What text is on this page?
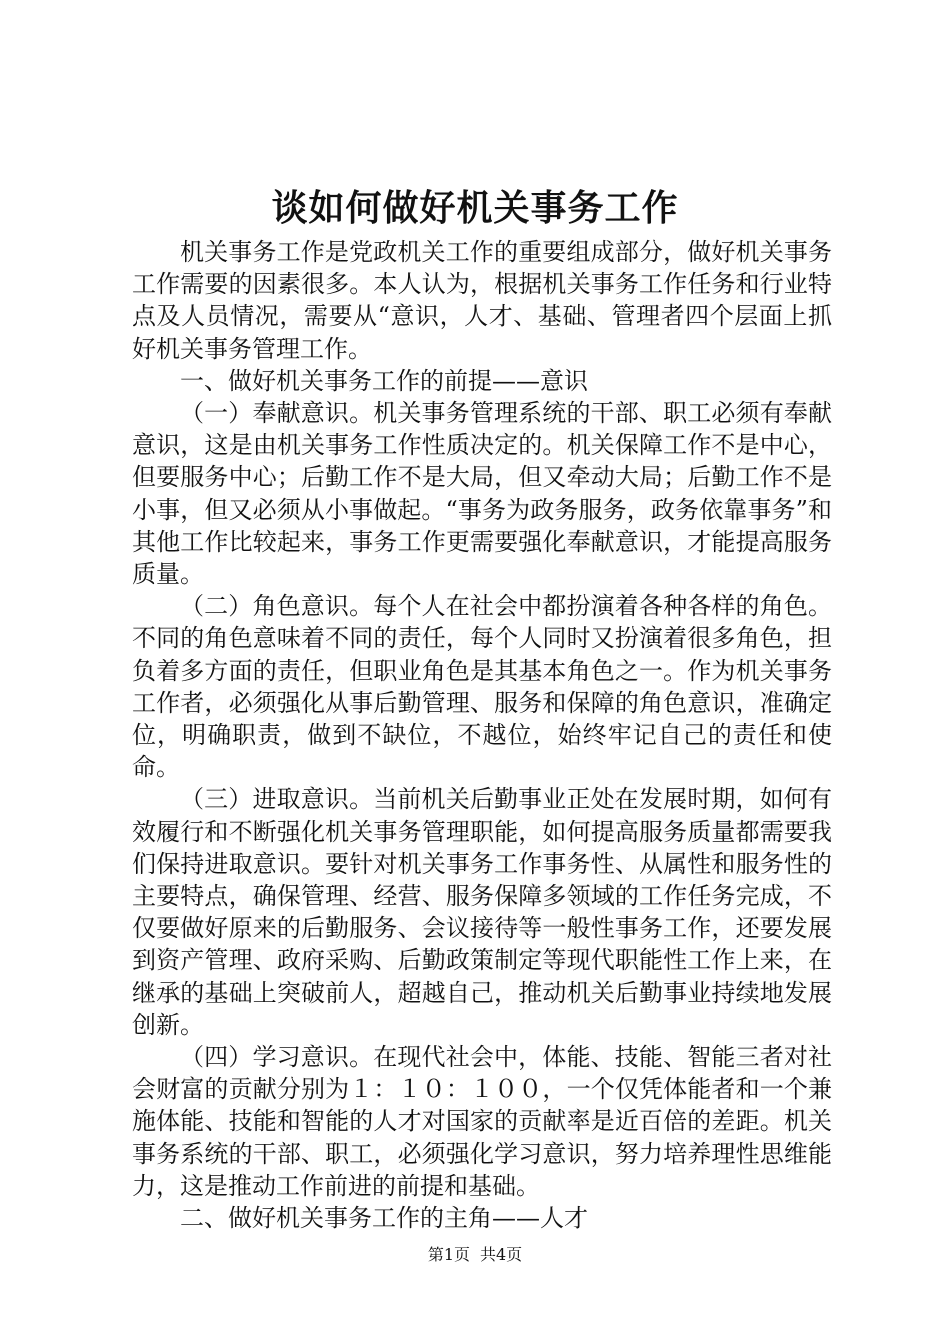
谈如何做好机关事务工作

机关事务工作是党政机关工作的重要组成部分，做好机关事务工作需要的因素很多。本人认为，根据机关事务工作任务和行业特点及人员情况，需要从“意识，人才、基础、管理者四个层面上抓好机关事务管理工作。

一、做好机关事务工作的前提——意识

（一）奉献意识。机关事务管理系统的干部、职工必须有奉献意识，这是由机关事务工作性质决定的。机关保障工作不是中心，但要服务中心；后勤工作不是大局，但又牵动大局；后勤工作不是小事，但又必须从小事做起。“事务为政务服务，政务依靠事务”和其他工作比较起来，事务工作更需要强化奉献意识，才能提高服务质量。

（二）角色意识。每个人在社会中都扮演着各种各样的角色。不同的角色意味着不同的责任，每个人同时又扮演着很多角色，担负着多方面的责任，但职业角色是其基本角色之一。作为机关事务工作者，必须强化从事后勤管理、服务和保障的角色意识，准确定位，明确职责，做到不缺位，不越位，始终牢记自己的责任和使命。

（三）进取意识。当前机关后勤事业正处在发展时期，如何有效履行和不断强化机关事务管理职能，如何提高服务质量都需要我们保持进取意识。要针对机关事务工作事务性、从属性和服务性的主要特点，确保管理、经营、服务保障多领域的工作任务完成，不仅要做好原来的后勤服务、会议接待等一般性事务工作，还要发展到资产管理、政府采购、后勤政策制定等现代职能性工作上来，在继承的基础上突破前人，超越自己，推动机关后勤事业持续地发展创新。

（四）学习意识。在现代社会中，体能、技能、智能三者对社会财富的贡献分别为１：１０：１００，一个仅凭体能者和一个兼施体能、技能和智能的人才对国家的贡献率是近百倍的差距。机关事务系统的干部、职工，必须强化学习意识，努力培养理性思维能力，这是推动工作前进的前提和基础。

二、做好机关事务工作的主角——人才

第1页 共4页
